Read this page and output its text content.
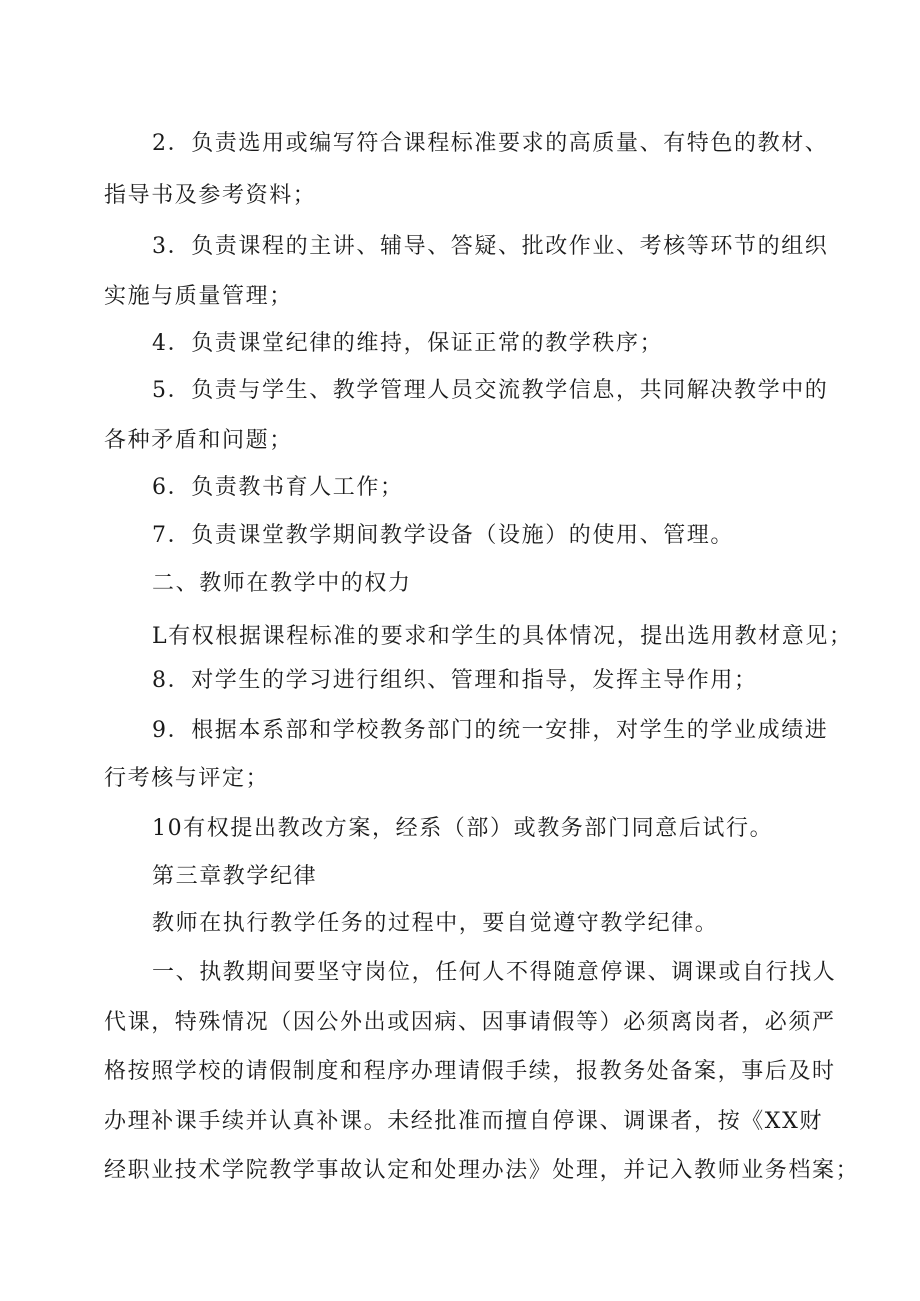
2．负责选用或编写符合课程标准要求的高质量、有特色的教材、

指导书及参考资料；

3．负责课程的主讲、辅导、答疑、批改作业、考核等环节的组织

实施与质量管理；

4．负责课堂纪律的维持，保证正常的教学秩序；

5．负责与学生、教学管理人员交流教学信息，共同解决教学中的

各种矛盾和问题；

6．负责教书育人工作；

7．负责课堂教学期间教学设备（设施）的使用、管理。

二、教师在教学中的权力

L有权根据课程标准的要求和学生的具体情况，提出选用教材意见；

8．对学生的学习进行组织、管理和指导，发挥主导作用；

9．根据本系部和学校教务部门的统一安排，对学生的学业成绩进

行考核与评定；

10有权提出教改方案，经系（部）或教务部门同意后试行。

第三章教学纪律

教师在执行教学任务的过程中，要自觉遵守教学纪律。

一、执教期间要坚守岗位，任何人不得随意停课、调课或自行找人

代课，特殊情况（因公外出或因病、因事请假等）必须离岗者，必须严

格按照学校的请假制度和程序办理请假手续，报教务处备案，事后及时

办理补课手续并认真补课。未经批准而擅自停课、调课者，按《XX财

经职业技术学院教学事故认定和处理办法》处理，并记入教师业务档案；
